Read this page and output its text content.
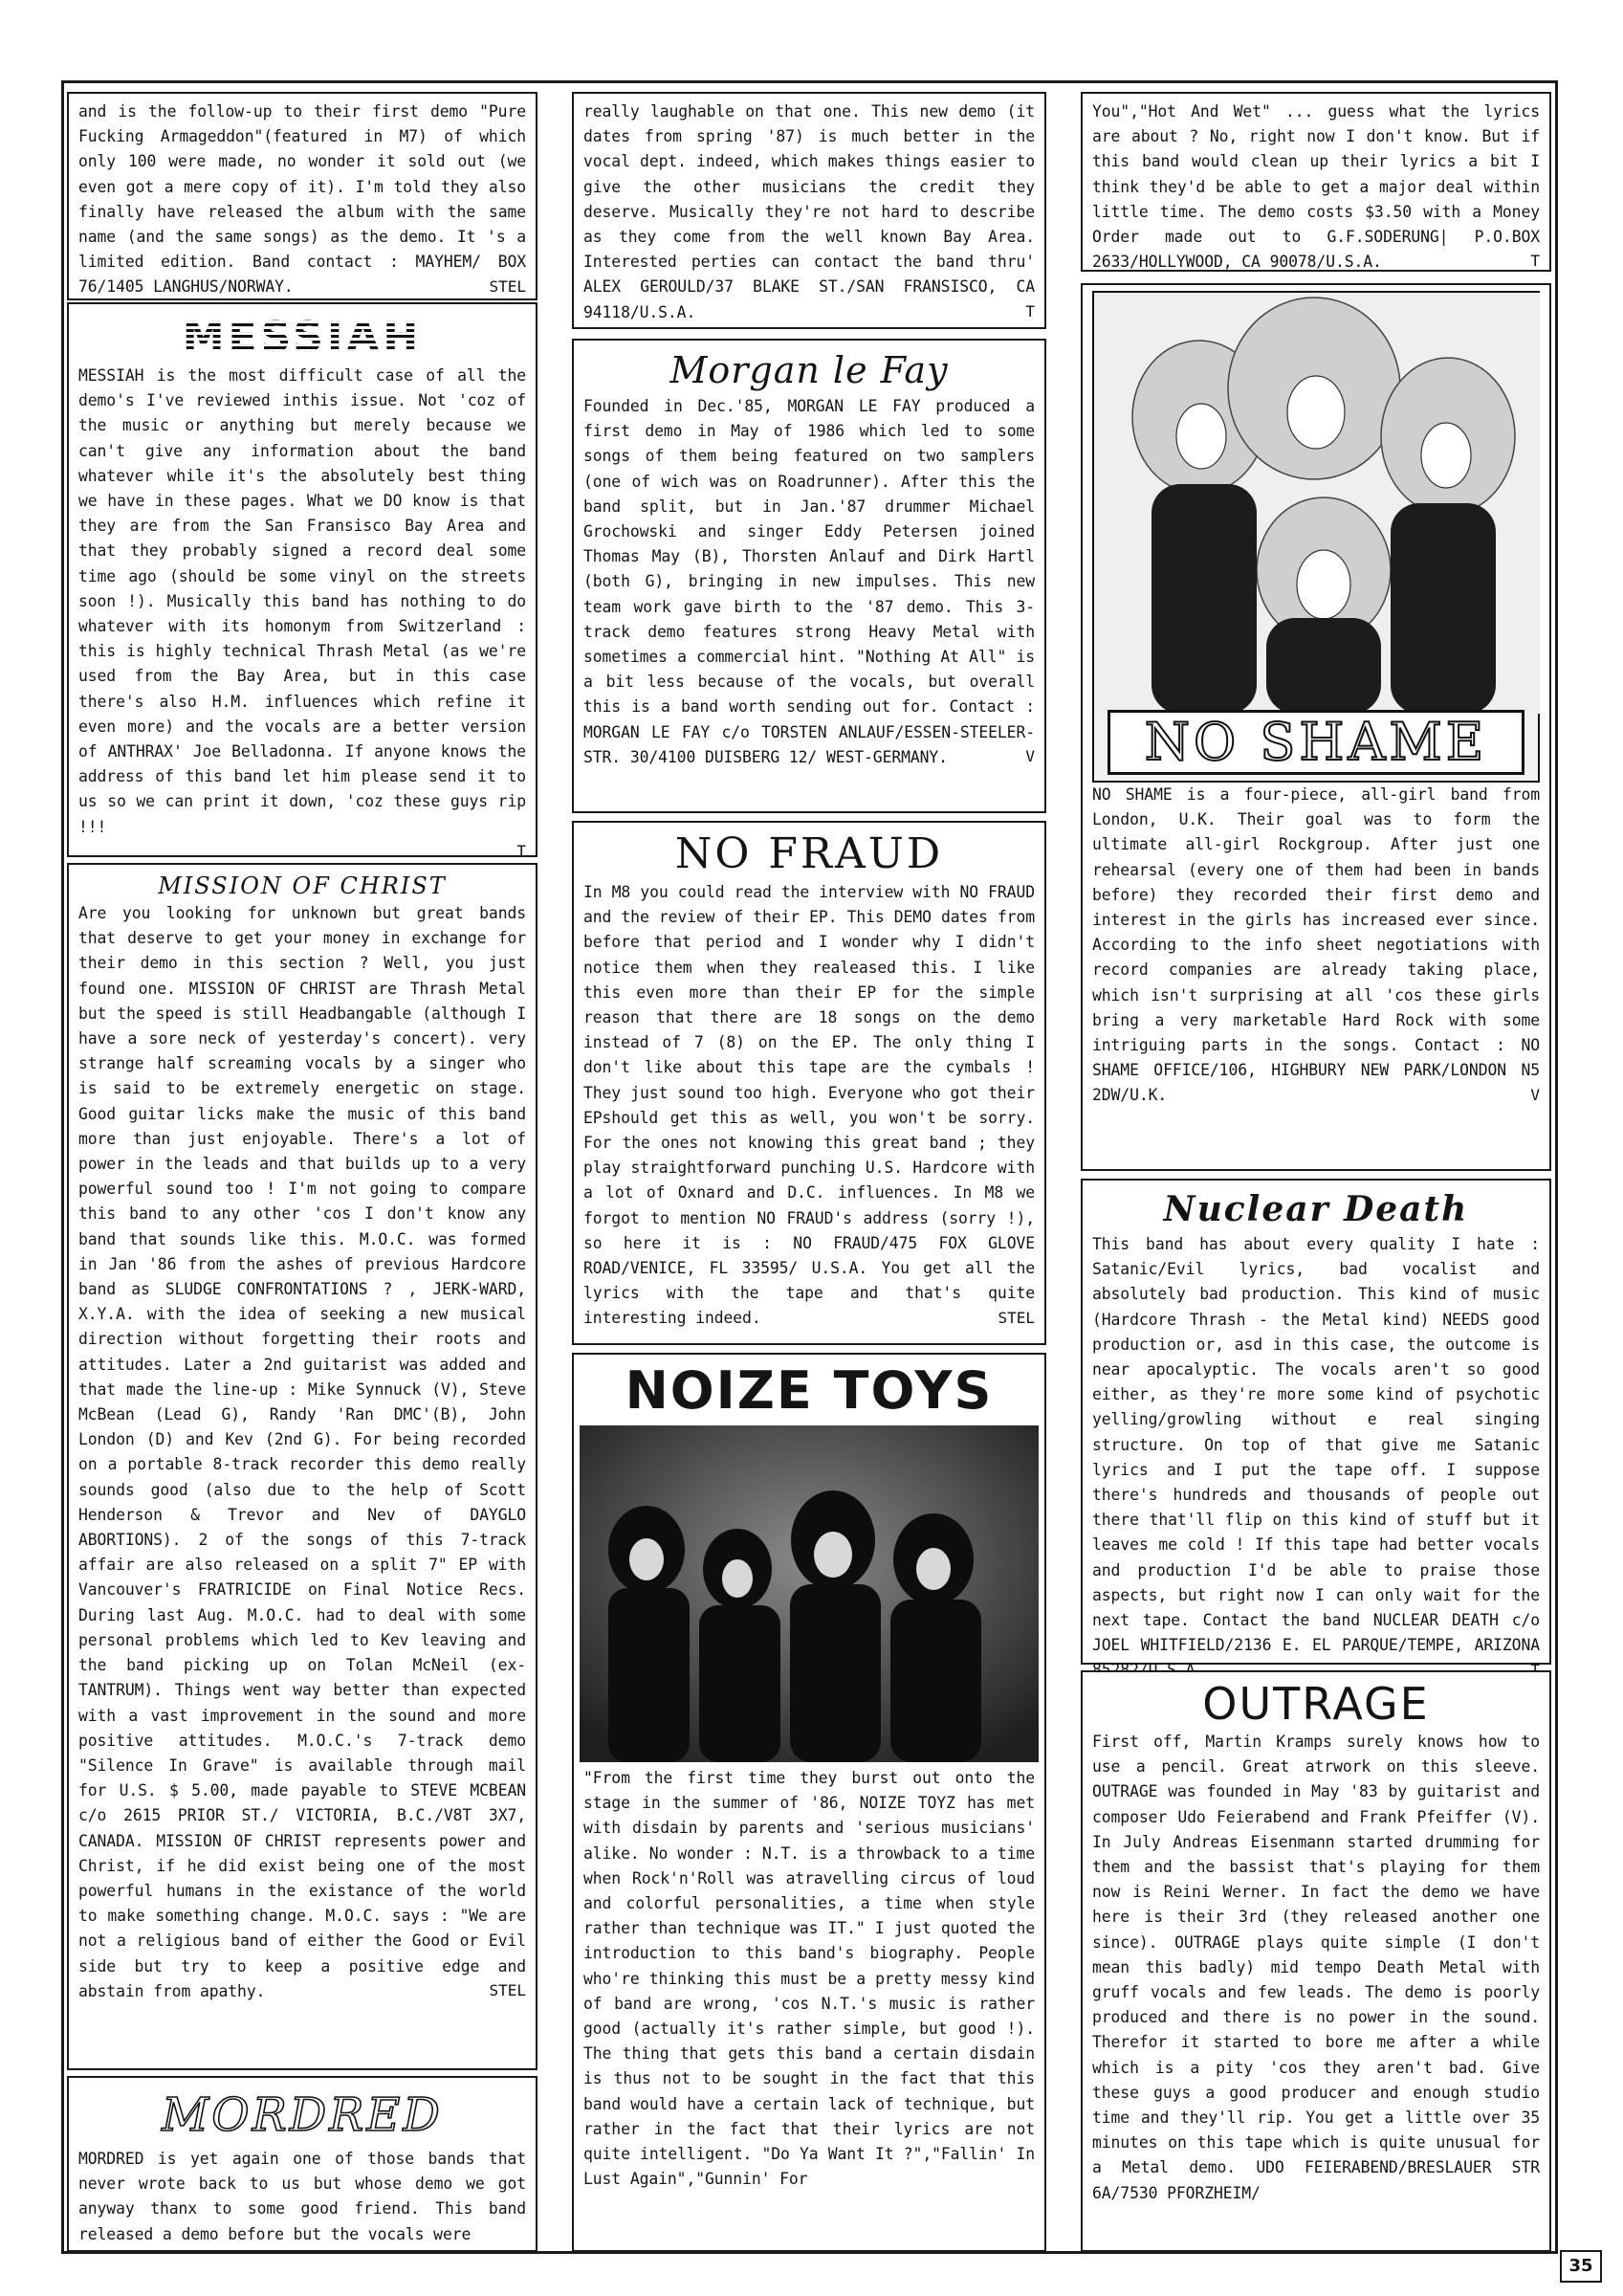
and is the follow-up to their first demo "Pure Fucking Armageddon"(featured in M7) of which only 100 were made, no wonder it sold out (we even got a mere copy of it). I'm told they also finally have released the album with the same name (and the same songs) as the demo. It 's a limited edition. Band contact : MAYHEM/ BOX 76/1405 LANGHUS/NORWAY.	STEL

MESSIAH

MESSIAH is the most difficult case of all the demo's I've reviewed inthis issue. Not 'coz of the music or anything but merely because we can't give any information about the band whatever while it's the absolutely best thing we have in these pages. What we DO know is that they are from the San Fransisco Bay Area and that they probably signed a record deal some time ago (should be some vinyl on the streets soon !). Musically this band has nothing to do whatever with its homonym from Switzerland : this is highly technical Thrash Metal (as we're used from the Bay Area, but in this case there's also H.M. influences which refine it even more) and the vocals are a better version of ANTHRAX' Joe Belladonna. If anyone knows the address of this band let him please send it to us so we can print it down, 'coz these guys rip !!!

T

MISSION OF CHRIST

Are you looking for unknown but great bands that deserve to get your money in exchange for their demo in this section ? Well, you just found one. MISSION OF CHRIST are Thrash Metal but the speed is still Headbangable (although I have a sore neck of yesterday's concert). very strange half screaming vocals by a singer who is said to be extremely energetic on stage. Good guitar licks make the music of this band more than just enjoyable. There's a lot of power in the leads and that builds up to a very powerful sound too ! I'm not going to compare this band to any other 'cos I don't know any band that sounds like this. M.O.C. was formed in Jan '86 from the ashes of previous Hardcore band as SLUDGE CONFRONTATIONS ? , JERK-WARD, X.Y.A. with the idea of seeking a new musical direction without forgetting their roots and attitudes. Later a 2nd guitarist was added and that made the line-up : Mike Synnuck (V), Steve McBean (Lead G), Randy 'Ran DMC'(B), John London (D) and Kev (2nd G). For being recorded on a portable 8-track recorder this demo really sounds good (also due to the help of Scott Henderson & Trevor and Nev of DAYGLO ABORTIONS). 2 of the songs of this 7-track affair are also released on a split 7" EP with Vancouver's FRATRICIDE on Final Notice Recs. During last Aug. M.O.C. had to deal with some personal problems which led to Kev leaving and the band picking up on Tolan McNeil (ex-TANTRUM). Things went way better than expected with a vast improvement in the sound and more positive attitudes. M.O.C.'s 7-track demo "Silence In Grave" is available through mail for U.S. $ 5.00, made payable to STEVE MCBEAN c/o 2615 PRIOR ST./ VICTORIA, B.C./V8T 3X7, CANADA. MISSION OF CHRIST represents power and Christ, if he did exist being one of the most powerful humans in the existance of the world to make something change. M.O.C. says : "We are not a religious band of either the Good or Evil side but try to keep a positive edge and abstain from apathy.	STEL

MORDRED

MORDRED is yet again one of those bands that never wrote back to us but whose demo we got anyway thanx to some good friend. This band released a demo before but the vocals were

really laughable on that one. This new demo (it dates from spring '87) is much better in the vocal dept. indeed, which makes things easier to give the other musicians the credit they deserve. Musically they're not hard to describe as they come from the well known Bay Area. Interested perties can contact the band thru' ALEX GEROULD/37 BLAKE ST./SAN FRANSISCO, CA 94118/U.S.A.	T

Morgan le Fay

Founded in Dec.'85, MORGAN LE FAY produced a first demo in May of 1986 which led to some songs of them being featured on two samplers (one of wich was on Roadrunner). After this the band split, but in Jan.'87 drummer Michael Grochowski and singer Eddy Petersen joined Thomas May (B), Thorsten Anlauf and Dirk Hartl (both G), bringing in new impulses. This new team work gave birth to the '87 demo. This 3-track demo features strong Heavy Metal with sometimes a commercial hint. "Nothing At All" is a bit less because of the vocals, but overall this is a band worth sending out for. Contact : MORGAN LE FAY c/o TORSTEN ANLAUF/ESSEN-STEELER-STR. 30/4100 DUISBERG 12/ WEST-GERMANY.	V

NO FRAUD

In M8 you could read the interview with NO FRAUD and the review of their EP. This DEMO dates from before that period and I wonder why I didn't notice them when they realeased this. I like this even more than their EP for the simple reason that there are 18 songs on the demo instead of 7 (8) on the EP. The only thing I don't like about this tape are the cymbals ! They just sound too high. Everyone who got their EPshould get this as well, you won't be sorry. For the ones not knowing this great band ; they play straightforward punching U.S. Hardcore with a lot of Oxnard and D.C. influences. In M8 we forgot to mention NO FRAUD's address (sorry !), so here it is : NO FRAUD/475 FOX GLOVE ROAD/VENICE, FL 33595/ U.S.A. You get all the lyrics with the tape and that's quite interesting indeed.	STEL

NOIZE TOYS

"From the first time they burst out onto the stage in the summer of '86, NOIZE TOYZ has met with disdain by parents and 'serious musicians' alike. No wonder : N.T. is a throwback to a time when Rock'n'Roll was atravelling circus of loud and colorful personalities, a time when style rather than technique was IT." I just quoted the introduction to this band's biography. People who're thinking this must be a pretty messy kind of band are wrong, 'cos N.T.'s music is rather good (actually it's rather simple, but good !). The thing that gets this band a certain disdain is thus not to be sought in the fact that this band would have a certain lack of technique, but rather in the fact that their lyrics are not quite intelligent. "Do Ya Want It ?","Fallin' In Lust Again","Gunnin' For

You","Hot And Wet" ... guess what the lyrics are about ? No, right now I don't know. But if this band would clean up their lyrics a bit I think they'd be able to get a major deal within little time. The demo costs $3.50 with a Money Order made out to G.F.SODERUNG| P.O.BOX 2633/HOLLYWOOD, CA 90078/U.S.A.	T

NO SHAME

NO SHAME is a four-piece, all-girl band from London, U.K. Their goal was to form the ultimate all-girl Rockgroup. After just one rehearsal (every one of them had been in bands before) they recorded their first demo and interest in the girls has increased ever since. According to the info sheet negotiations with record companies are already taking place, which isn't surprising at all 'cos these girls bring a very marketable Hard Rock with some intriguing parts in the songs. Contact : NO SHAME OFFICE/106, HIGHBURY NEW PARK/LONDON N5 2DW/U.K.	V

Nuclear Death

This band has about every quality I hate : Satanic/Evil lyrics, bad vocalist and absolutely bad production. This kind of music (Hardcore Thrash - the Metal kind) NEEDS good production or, asd in this case, the outcome is near apocalyptic. The vocals aren't so good either, as they're more some kind of psychotic yelling/growling without e real singing structure. On top of that give me Satanic lyrics and I put the tape off. I suppose there's hundreds and thousands of people out there that'll flip on this kind of stuff but it leaves me cold ! If this tape had better vocals and production I'd be able to praise those aspects, but right now I can only wait for the next tape. Contact the band NUCLEAR DEATH c/o JOEL WHITFIELD/2136 E. EL PARQUE/TEMPE, ARIZONA

OUTRAGE

First off, Martin Kramps surely knows how to use a pencil. Great atrwork on this sleeve. OUTRAGE was founded in May '83 by guitarist and composer Udo Feierabend and Frank Pfeiffer (V). In July Andreas Eisenmann started drumming for them and the bassist that's playing for them now is Reini Werner. In fact the demo we have here is their 3rd (they released another one since). OUTRAGE plays quite simple (I don't mean this badly) mid tempo Death Metal with gruff vocals and few leads. The demo is poorly produced and there is no power in the sound. Therefor it started to bore me after a while which is a pity 'cos they aren't bad. Give these guys a good producer and enough studio time and they'll rip. You get a little over 35 minutes on this tape which is quite unusual for a Metal demo. UDO FEIERABEND/BRESLAUER STR 6A/7530 PFORZHEIM/

35
